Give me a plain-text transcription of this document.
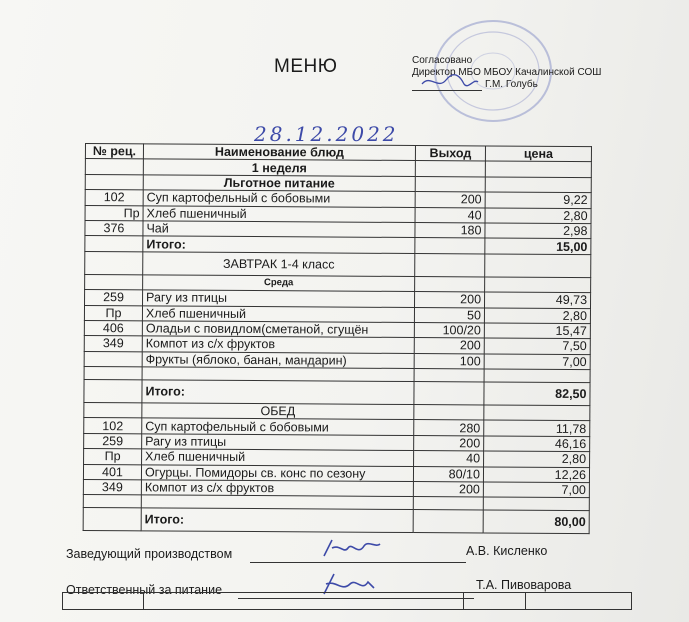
МЕНЮ	Согласовано
Директор МБО МБОУ Качалинской СОШ
Г.М. Голубь
28.12.2022
№ рец.	Наименование блюд	Выход	цена
	1 неделя		
	Льготное питание		
102	Суп картофельный с бобовыми	200	9,22
Пр	Хлеб пшеничный	40	2,80
376	Чай	180	2,98
	Итого:		15,00
	ЗАВТРАК 1-4 класс		
	Среда		
259	Рагу из птицы	200	49,73
Пр	Хлеб пшеничный	50	2,80
406	Оладьи с повидлом(сметаной, сгущён	100/20	15,47
349	Компот из с/х фруктов	200	7,50
	Фрукты (яблоко, банан, мандарин)	100	7,00

	Итого:		82,50
	ОБЕД		
102	Суп картофельный с бобовыми	280	11,78
259	Рагу из птицы	200	46,16
Пр	Хлеб пшеничный	40	2,80
401	Огурцы. Помидоры св. конс по сезону	80/10	12,26
349	Компот из с/х фруктов	200	7,00

	Итого:		80,00
Заведующий производством	А.В. Кисленко
Ответственный за питание	Т.А. Пивоварова
